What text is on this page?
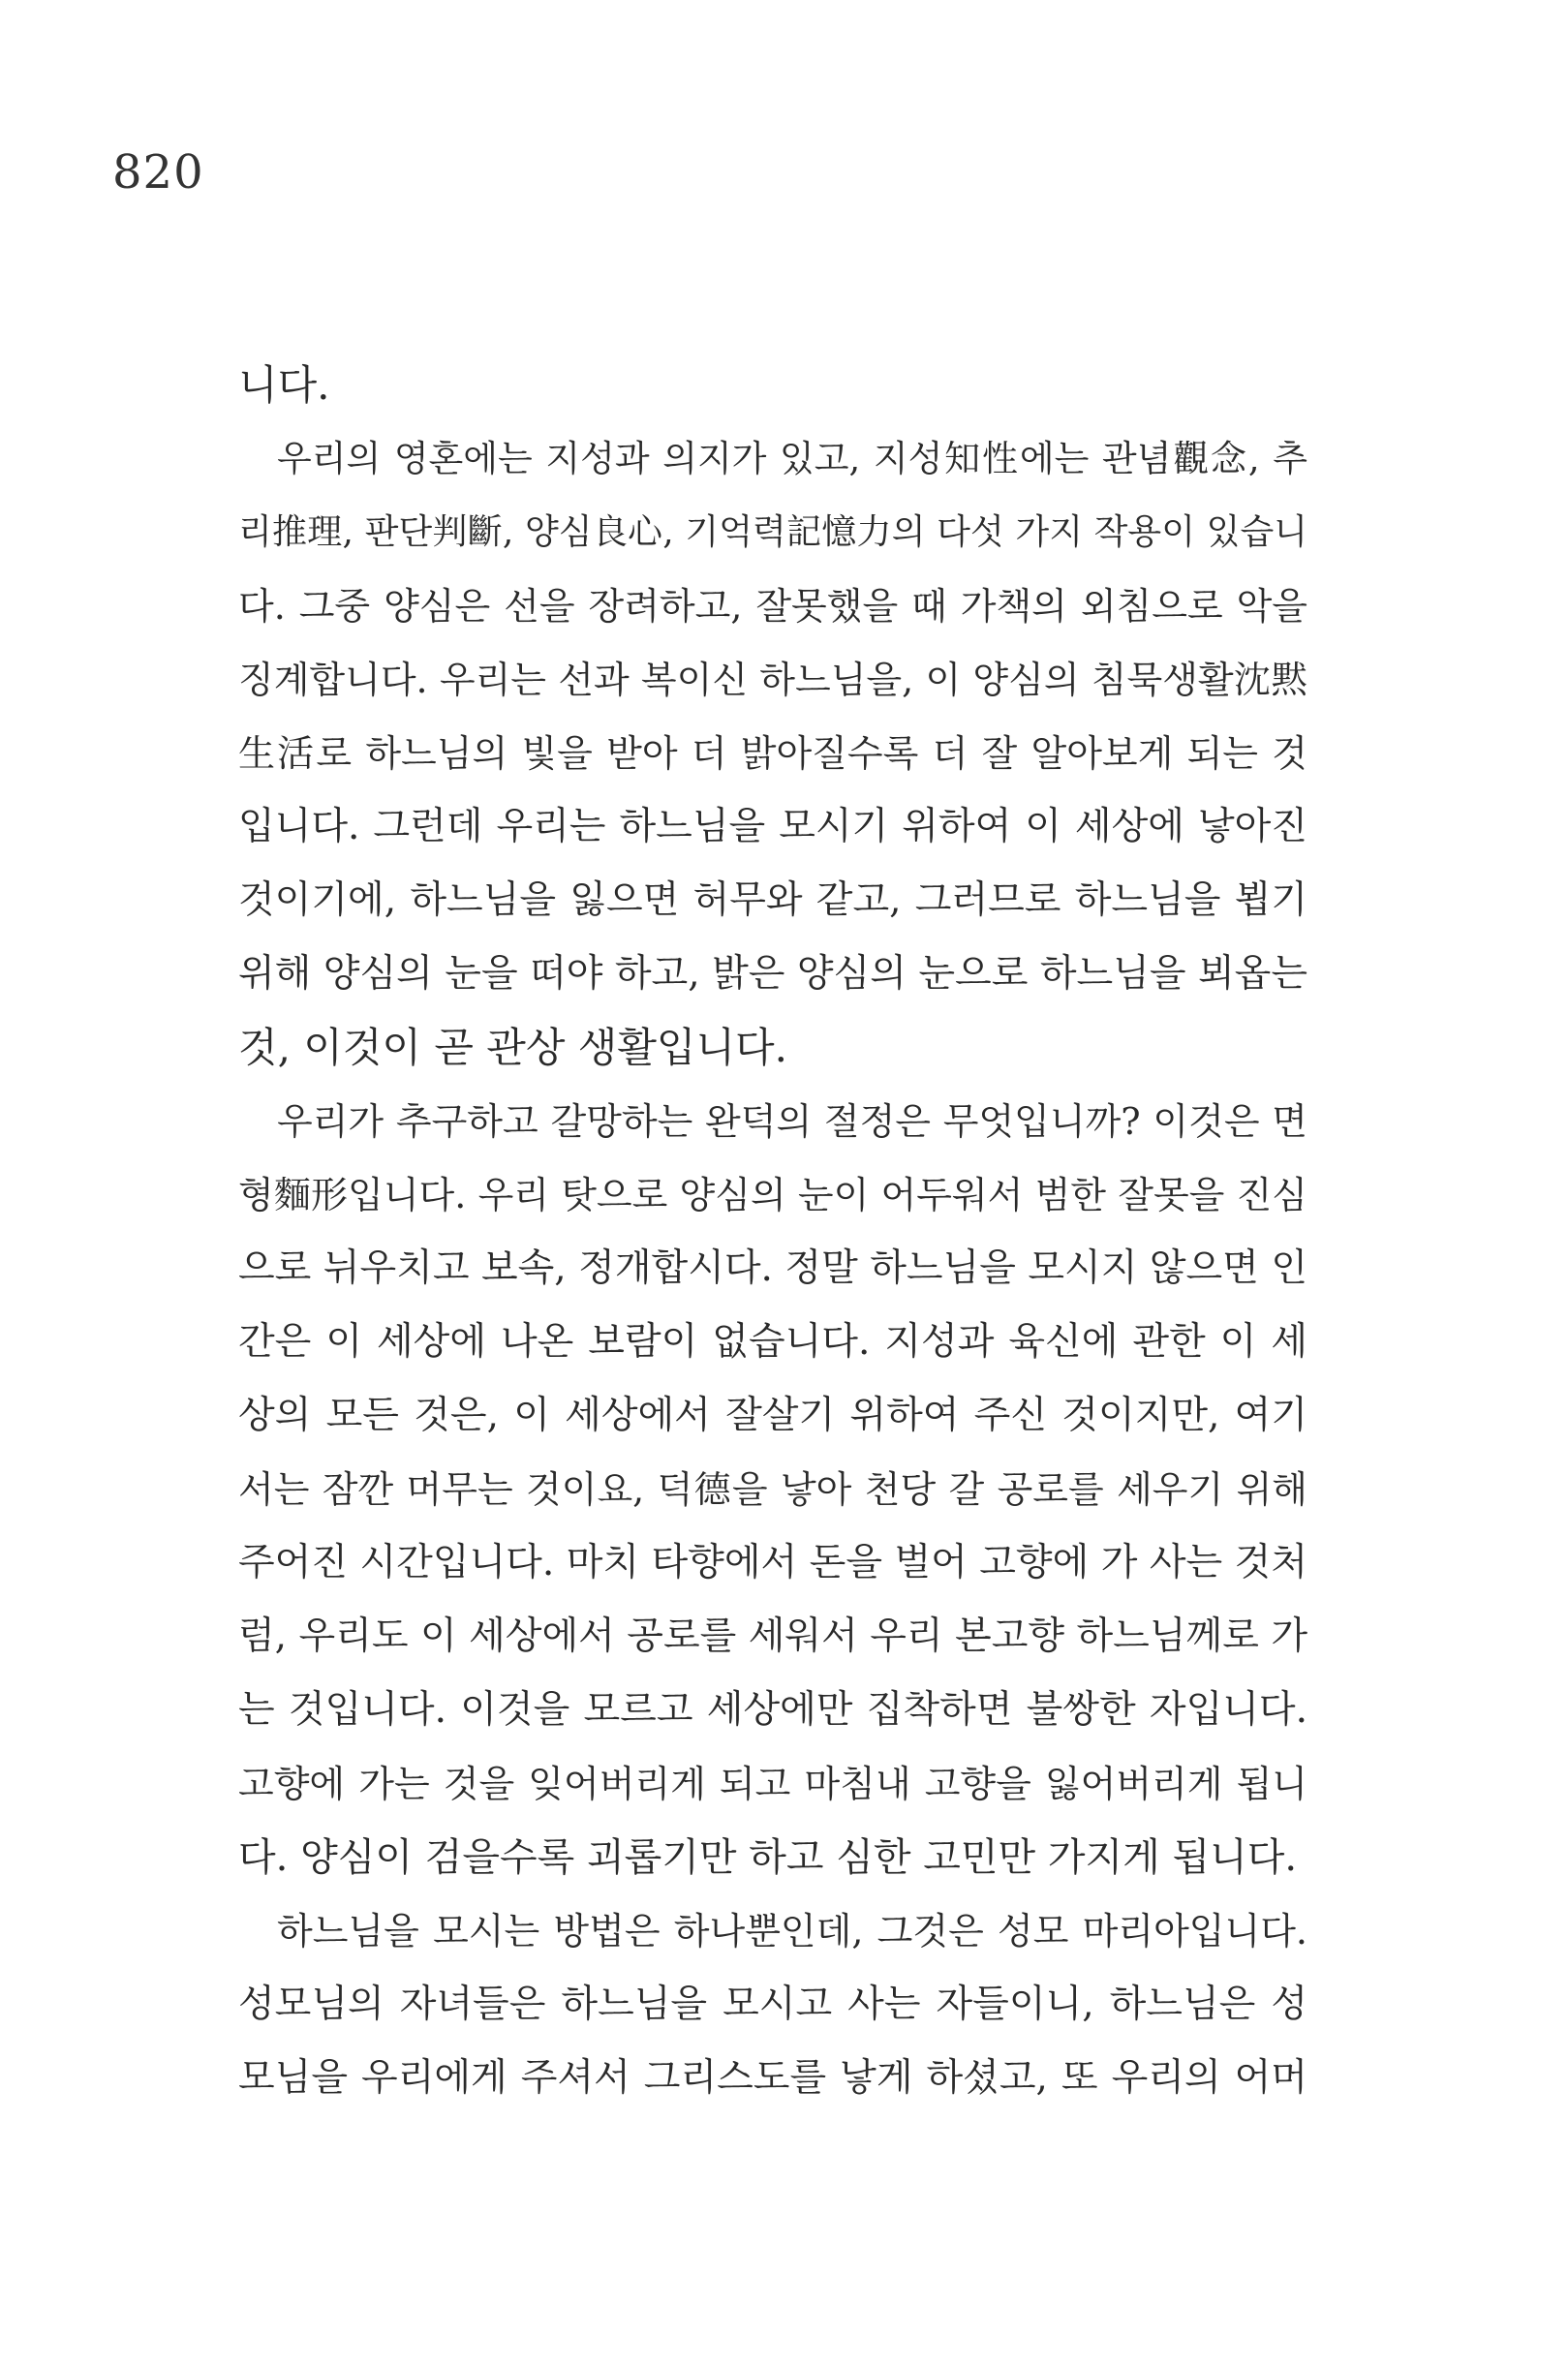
820
니다.
우리의 영혼에는 지성과 의지가 있고, 지성知性에는 관념觀念, 추
리推理, 판단判斷, 양심良心, 기억력記憶力의 다섯 가지 작용이 있습니
다. 그중 양심은 선을 장려하고, 잘못했을 때 가책의 외침으로 악을
징계합니다. 우리는 선과 복이신 하느님을, 이 양심의 침묵생활沈黙
生活로 하느님의 빛을 받아 더 밝아질수록 더 잘 알아보게 되는 것
입니다. 그런데 우리는 하느님을 모시기 위하여 이 세상에 낳아진
것이기에, 하느님을 잃으면 허무와 같고, 그러므로 하느님을 뵙기
위해 양심의 눈을 떠야 하고, 밝은 양심의 눈으로 하느님을 뵈옵는
것, 이것이 곧 관상 생활입니다.
우리가 추구하고 갈망하는 완덕의 절정은 무엇입니까? 이것은 면
형麵形입니다. 우리 탓으로 양심의 눈이 어두워서 범한 잘못을 진심
으로 뉘우치고 보속, 정개합시다. 정말 하느님을 모시지 않으면 인
간은 이 세상에 나온 보람이 없습니다. 지성과 육신에 관한 이 세
상의 모든 것은, 이 세상에서 잘살기 위하여 주신 것이지만, 여기
서는 잠깐 머무는 것이요, 덕德을 낳아 천당 갈 공로를 세우기 위해
주어진 시간입니다. 마치 타향에서 돈을 벌어 고향에 가 사는 것처
럼, 우리도 이 세상에서 공로를 세워서 우리 본고향 하느님께로 가
는 것입니다. 이것을 모르고 세상에만 집착하면 불쌍한 자입니다.
고향에 가는 것을 잊어버리게 되고 마침내 고향을 잃어버리게 됩니
다. 양심이 검을수록 괴롭기만 하고 심한 고민만 가지게 됩니다.
하느님을 모시는 방법은 하나뿐인데, 그것은 성모 마리아입니다.
성모님의 자녀들은 하느님을 모시고 사는 자들이니, 하느님은 성
모님을 우리에게 주셔서 그리스도를 낳게 하셨고, 또 우리의 어머
